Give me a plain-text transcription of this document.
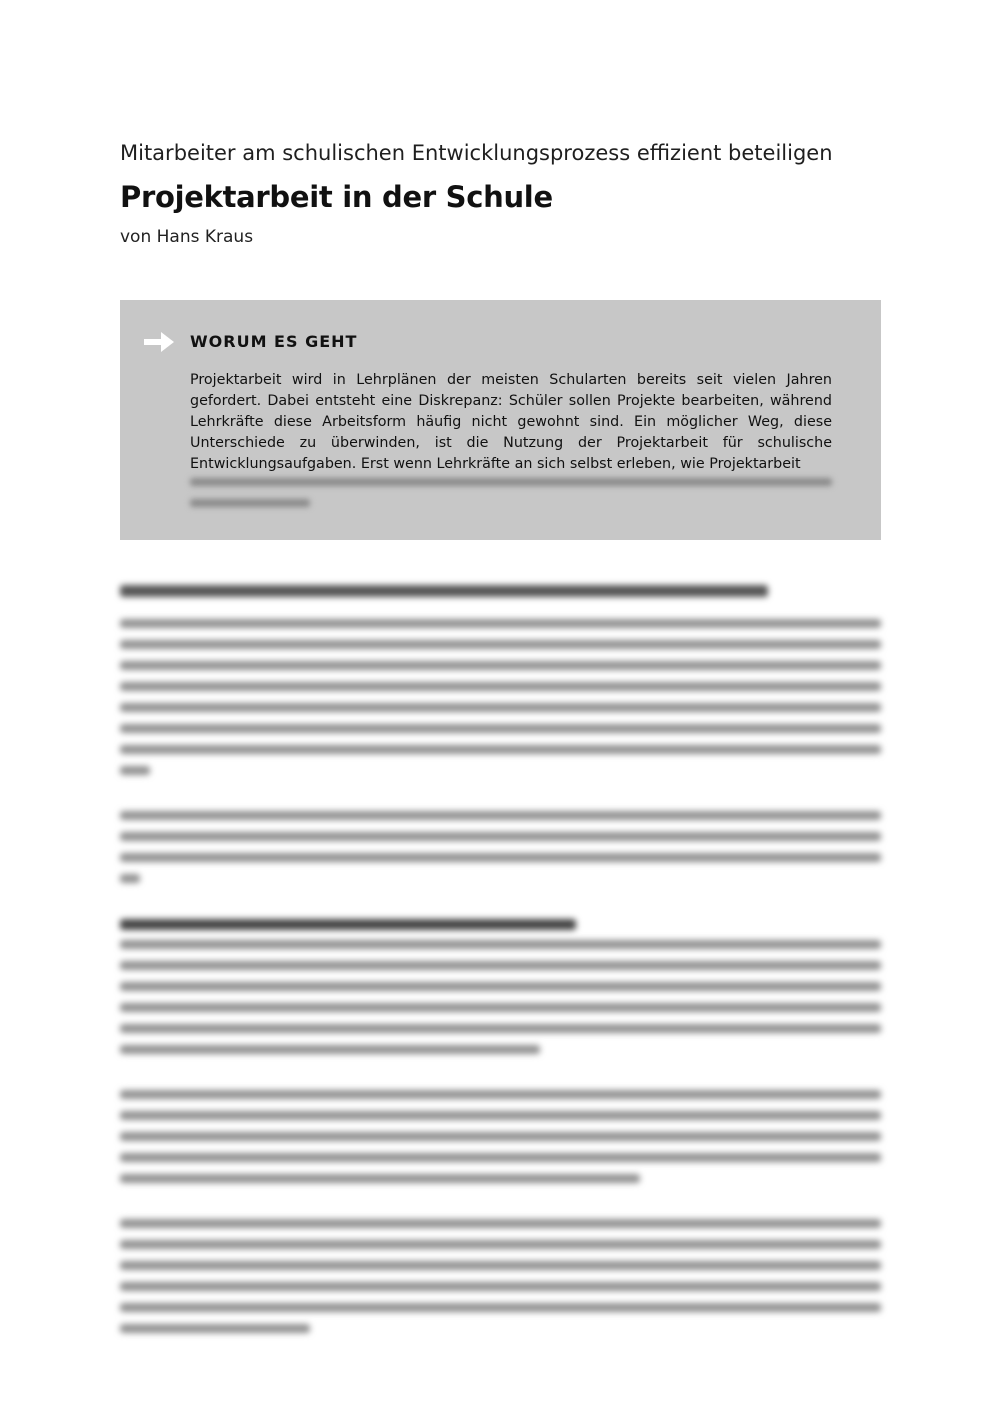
Mitarbeiter am schulischen Entwicklungsprozess effizient beteiligen

Projektarbeit in der Schule

von Hans Kraus

WORUM ES GEHT

Projektarbeit wird in Lehrplänen der meisten Schularten bereits seit vielen Jahren gefordert. Dabei entsteht eine Diskrepanz: Schüler sollen Projekte bearbeiten, während Lehrkräfte diese Arbeitsform häufig nicht gewohnt sind. Ein möglicher Weg, diese Unterschiede zu überwinden, ist die Nutzung der Projektarbeit für schulische Entwicklungsaufgaben. Erst wenn Lehrkräfte an sich selbst erleben, wie Projektarbeit
